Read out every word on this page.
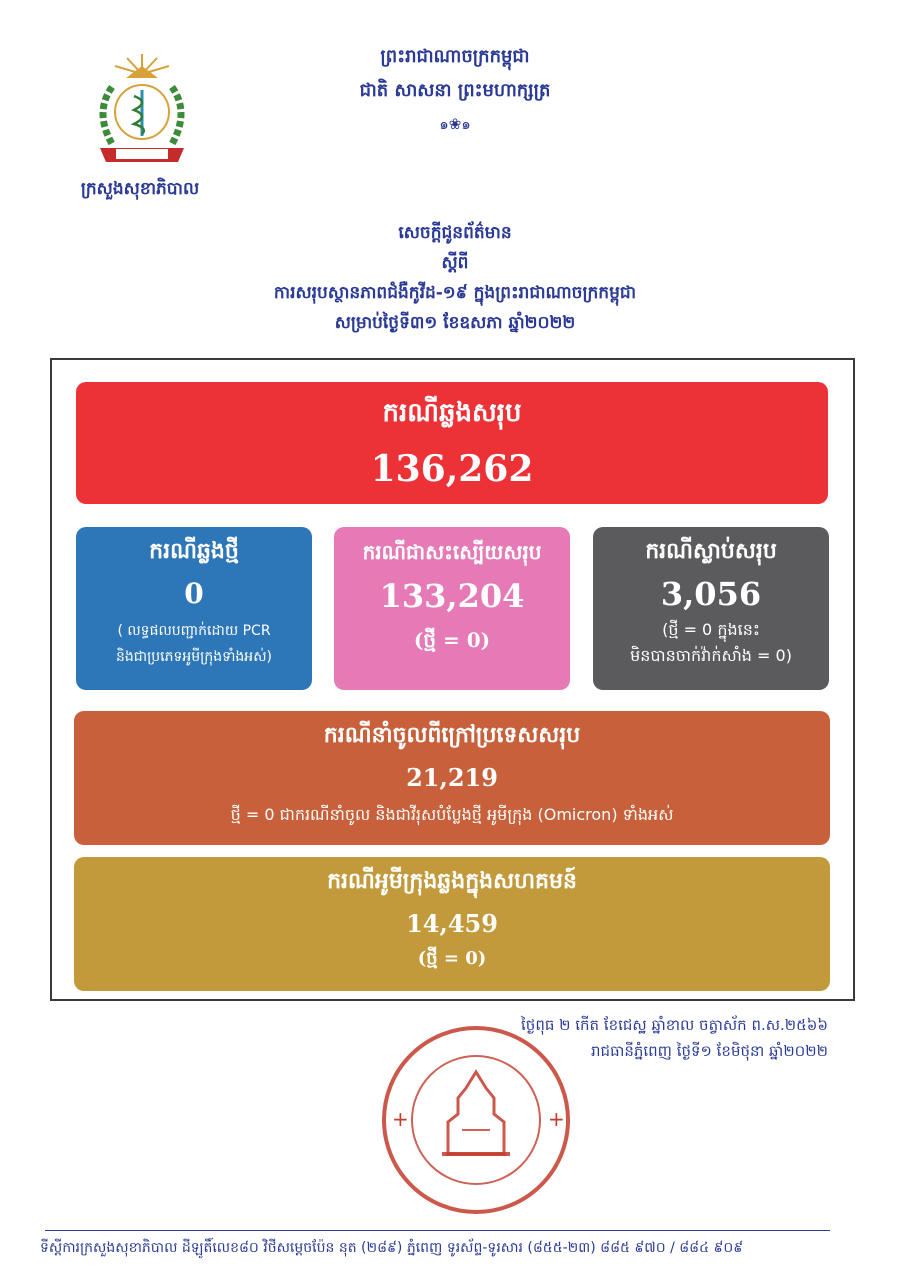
ក្រសួងសុខាភិបាល
ព្រះរាជាណាចក្រកម្ពុជា
ជាតិ សាសនា ព្រះមហាក្សត្រ
๑❀๑
សេចក្តីជូនព័ត៌មាន
ស្តីពី
ការសរុបស្ថានភាពជំងឺកូវីដ-១៩ ក្នុងព្រះរាជាណាចក្រកម្ពុជា
សម្រាប់ថ្ងៃទី៣១ ខែឧសភា ឆ្នាំ២០២២
ករណីឆ្លងសរុប
136,262
ករណីឆ្លងថ្មី
0
( លទ្ធផលបញ្ជាក់ដោយ PCR
និងជាប្រភេទអូមីក្រុងទាំងអស់)
ករណីជាសះស្បើយសរុប
133,204
(ថ្មី = 0)
ករណីស្លាប់សរុប
3,056
(ថ្មី = 0 ក្នុងនេះ
មិនបានចាក់វ៉ាក់សាំង = 0)
ករណីនាំចូលពីក្រៅប្រទេសសរុប
21,219
ថ្មី = 0 ជាករណីនាំចូល និងជាវីរុសបំប្លែងថ្មី អូមីក្រុង (Omicron) ទាំងអស់
ករណីអូមីក្រុងឆ្លងក្នុងសហគមន៍
14,459
(ថ្មី = 0)
ថ្ងៃពុធ ២ កើត ខែជេស្ឋ ឆ្នាំខាល ចត្វាស័ក ព.ស.២៥៦៦
រាជធានីភ្នំពេញ ថ្ងៃទី១ ខែមិថុនា ឆ្នាំ២០២២
+	+
ទីស្តីការក្រសួងសុខាភិបាល ដីឡូតិ៍លេខ៨០ វិថីសម្តេចប៉ែន នុត (២៨៩) ភ្នំពេញ ទូរស័ព្ទ-ទូរសារ (៨៥៥-២៣) ៨៨៥ ៩៧០ / ៨៨៤ ៩០៩
